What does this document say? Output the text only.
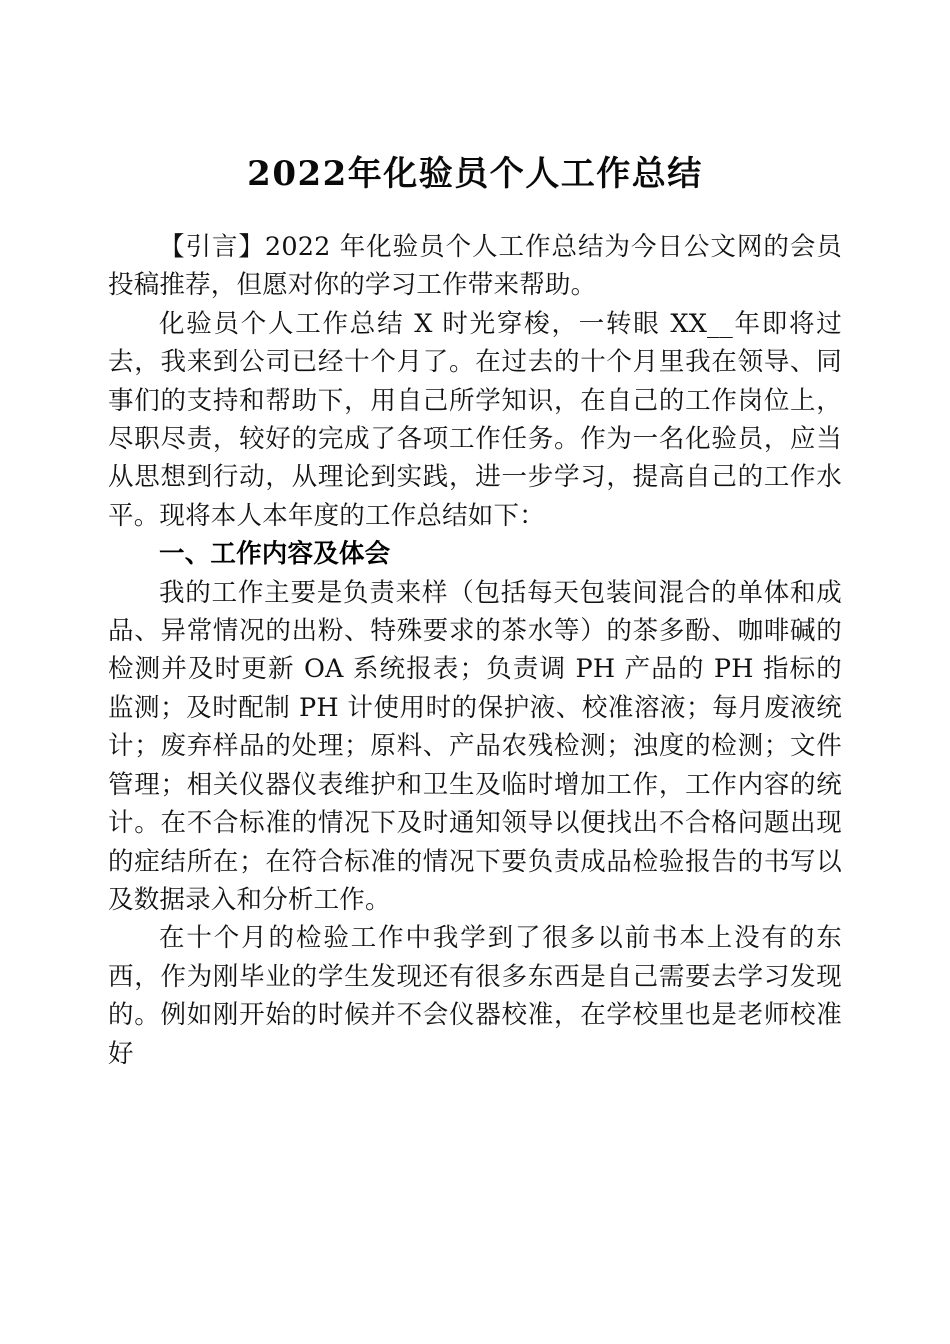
2022年化验员个人工作总结

【引言】2022 年化验员个人工作总结为今日公文网的会员投稿推荐，但愿对你的学习工作带来帮助。

化验员个人工作总结 X 时光穿梭，一转眼 XX__年即将过去，我来到公司已经十个月了。在过去的十个月里我在领导、同事们的支持和帮助下，用自己所学知识，在自己的工作岗位上，尽职尽责，较好的完成了各项工作任务。作为一名化验员，应当从思想到行动，从理论到实践，进一步学习，提高自己的工作水平。现将本人本年度的工作总结如下：

一、工作内容及体会

我的工作主要是负责来样（包括每天包装间混合的单体和成品、异常情况的出粉、特殊要求的茶水等）的茶多酚、咖啡碱的检测并及时更新 OA 系统报表；负责调 PH 产品的 PH 指标的监测；及时配制 PH 计使用时的保护液、校准溶液；每月废液统计；废弃样品的处理；原料、产品农残检测；浊度的检测；文件管理；相关仪器仪表维护和卫生及临时增加工作，工作内容的统计。在不合标准的情况下及时通知领导以便找出不合格问题出现的症结所在；在符合标准的情况下要负责成品检验报告的书写以及数据录入和分析工作。

在十个月的检验工作中我学到了很多以前书本上没有的东西，作为刚毕业的学生发现还有很多东西是自己需要去学习发现的。例如刚开始的时候并不会仪器校准，在学校里也是老师校准好
